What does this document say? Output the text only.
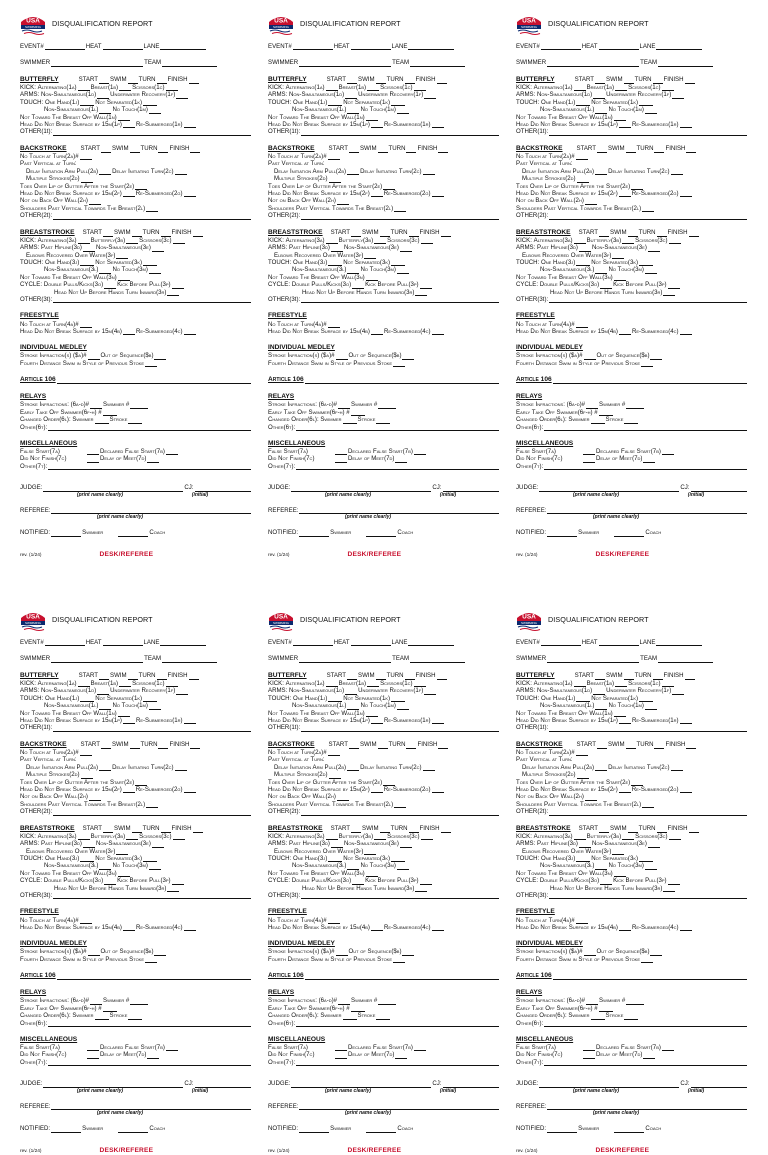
USA
SWIMMING DISQUALIFICATION REPORT
EVENT#	HEAT	LANE
SWIMMER	TEAM
BUTTERFLY	START SWIM TURN FINISH
KICK:
Alternating(1a) Breast(1b) Scissors(1c)
ARMS:
Non-Simultaneous(1d) Underwater Recovery(1f)
TOUCH:
One Hand(1j)	Not Separated(1k)
Non-Simultaneous(1l) No Touch(1m)
Not Toward The Breast Off Wall(1n)
Head Did Not Break Surface by 15m(1p) Re-Submerged(1r)
OTHER(1t):
BACKSTROKE START SWIM TURN FINISH
No Touch at Turn(2a)#
Past Vertical at Turn:
Delay Initiation Arm Pull(2b) Delay Initiating Turn(2c)
Multiple Strokes(2d)
Toes Over Lip of Gutter After the Start(2e)
Head Did Not Break Surface by 15m(2f) Re-Submerged(2g)
Not on Back Off Wall(2h)
Shoulders Past Vertical Towards The Breast(2l)
OTHER(2t):
BREASTSTROKE START SWIM TURN FINISH
KICK:
Alternating(3a) Butterfly(3b) Scissors(3c)
ARMS:
Past Hipline(3d) Non-Simultaneous(3e)
Elbows Recovered Over Water(3f)
TOUCH:
One Hand(3j)	Not Separated(3k)
Non-Simultaneous(3l) No Touch(3m)
Not Toward The Breast Off Wall(3n)
CYCLE:
Double Pulls/Kicks(3o) Kick Before Pull(3p)
Head Not Up Before Hands Turn Inward(3r)
OTHER(3t):
FREESTYLE
No Touch at Turn(4a)#
Head Did Not Break Surface by 15m(4b) Re-Submerged(4c)
INDIVIDUAL MEDLEY
Stroke Infraction(s) ($a)# Out of Sequence($b)
Fourth Distance Swim in Style of Previous Stoke
Article 106
RELAYS
Stroke Infractions: (6a-d)# Swimmer #
Early Take Off Swimmer(6f-h) #
Changed Order(6l): Swimmer	Stroke
Other(6t):
MISCELLANEOUS
False Start(7a)	Declared False Start(7b)
Did Not Finish(7c)	Delay of Meet(7d)
Other(7t):
JUDGE:	CJ:
(print name clearly)	(initial)
REFEREE:
(print name clearly)
NOTIFIED:	Swimmer	Coach
rev. (1/24)	DESK/REFEREE
USA
SWIMMING DISQUALIFICATION REPORT
EVENT#	HEAT	LANE
SWIMMER	TEAM
BUTTERFLY	START SWIM TURN FINISH
KICK:
Alternating(1a) Breast(1b) Scissors(1c)
ARMS:
Non-Simultaneous(1d) Underwater Recovery(1f)
TOUCH:
One Hand(1j)	Not Separated(1k)
Non-Simultaneous(1l) No Touch(1m)
Not Toward The Breast Off Wall(1n)
Head Did Not Break Surface by 15m(1p) Re-Submerged(1r)
OTHER(1t):
BACKSTROKE START SWIM TURN FINISH
No Touch at Turn(2a)#
Past Vertical at Turn:
Delay Initiation Arm Pull(2b) Delay Initiating Turn(2c)
Multiple Strokes(2d)
Toes Over Lip of Gutter After the Start(2e)
Head Did Not Break Surface by 15m(2f) Re-Submerged(2g)
Not on Back Off Wall(2h)
Shoulders Past Vertical Towards The Breast(2l)
OTHER(2t):
BREASTSTROKE START SWIM TURN FINISH
KICK:
Alternating(3a) Butterfly(3b) Scissors(3c)
ARMS:
Past Hipline(3d) Non-Simultaneous(3e)
Elbows Recovered Over Water(3f)
TOUCH:
One Hand(3j)	Not Separated(3k)
Non-Simultaneous(3l) No Touch(3m)
Not Toward The Breast Off Wall(3n)
CYCLE:
Double Pulls/Kicks(3o) Kick Before Pull(3p)
Head Not Up Before Hands Turn Inward(3r)
OTHER(3t):
FREESTYLE
No Touch at Turn(4a)#
Head Did Not Break Surface by 15m(4b) Re-Submerged(4c)
INDIVIDUAL MEDLEY
Stroke Infraction(s) ($a)# Out of Sequence($b)
Fourth Distance Swim in Style of Previous Stoke
Article 106
RELAYS
Stroke Infractions: (6a-d)# Swimmer #
Early Take Off Swimmer(6f-h) #
Changed Order(6l): Swimmer	Stroke
Other(6t):
MISCELLANEOUS
False Start(7a)	Declared False Start(7b)
Did Not Finish(7c)	Delay of Meet(7d)
Other(7t):
JUDGE:	CJ:
(print name clearly)	(initial)
REFEREE:
(print name clearly)
NOTIFIED:	Swimmer	Coach
rev. (1/24)	DESK/REFEREE
USA
SWIMMING DISQUALIFICATION REPORT
EVENT#	HEAT	LANE
SWIMMER	TEAM
BUTTERFLY	START SWIM TURN FINISH
KICK:
Alternating(1a) Breast(1b) Scissors(1c)
ARMS:
Non-Simultaneous(1d) Underwater Recovery(1f)
TOUCH:
One Hand(1j)	Not Separated(1k)
Non-Simultaneous(1l) No Touch(1m)
Not Toward The Breast Off Wall(1n)
Head Did Not Break Surface by 15m(1p) Re-Submerged(1r)
OTHER(1t):
BACKSTROKE START SWIM TURN FINISH
No Touch at Turn(2a)#
Past Vertical at Turn:
Delay Initiation Arm Pull(2b) Delay Initiating Turn(2c)
Multiple Strokes(2d)
Toes Over Lip of Gutter After the Start(2e)
Head Did Not Break Surface by 15m(2f) Re-Submerged(2g)
Not on Back Off Wall(2h)
Shoulders Past Vertical Towards The Breast(2l)
OTHER(2t):
BREASTSTROKE START SWIM TURN FINISH
KICK:
Alternating(3a) Butterfly(3b) Scissors(3c)
ARMS:
Past Hipline(3d) Non-Simultaneous(3e)
Elbows Recovered Over Water(3f)
TOUCH:
One Hand(3j)	Not Separated(3k)
Non-Simultaneous(3l) No Touch(3m)
Not Toward The Breast Off Wall(3n)
CYCLE:
Double Pulls/Kicks(3o) Kick Before Pull(3p)
Head Not Up Before Hands Turn Inward(3r)
OTHER(3t):
FREESTYLE
No Touch at Turn(4a)#
Head Did Not Break Surface by 15m(4b) Re-Submerged(4c)
INDIVIDUAL MEDLEY
Stroke Infraction(s) ($a)# Out of Sequence($b)
Fourth Distance Swim in Style of Previous Stoke
Article 106
RELAYS
Stroke Infractions: (6a-d)# Swimmer #
Early Take Off Swimmer(6f-h) #
Changed Order(6l): Swimmer	Stroke
Other(6t):
MISCELLANEOUS
False Start(7a)	Declared False Start(7b)
Did Not Finish(7c)	Delay of Meet(7d)
Other(7t):
JUDGE:	CJ:
(print name clearly)	(initial)
REFEREE:
(print name clearly)
NOTIFIED:	Swimmer	Coach
rev. (1/24)	DESK/REFEREE
USA
SWIMMING DISQUALIFICATION REPORT
EVENT#	HEAT	LANE
SWIMMER	TEAM
BUTTERFLY	START SWIM TURN FINISH
KICK:
Alternating(1a) Breast(1b) Scissors(1c)
ARMS:
Non-Simultaneous(1d) Underwater Recovery(1f)
TOUCH:
One Hand(1j)	Not Separated(1k)
Non-Simultaneous(1l) No Touch(1m)
Not Toward The Breast Off Wall(1n)
Head Did Not Break Surface by 15m(1p) Re-Submerged(1r)
OTHER(1t):
BACKSTROKE START SWIM TURN FINISH
No Touch at Turn(2a)#
Past Vertical at Turn:
Delay Initiation Arm Pull(2b) Delay Initiating Turn(2c)
Multiple Strokes(2d)
Toes Over Lip of Gutter After the Start(2e)
Head Did Not Break Surface by 15m(2f) Re-Submerged(2g)
Not on Back Off Wall(2h)
Shoulders Past Vertical Towards The Breast(2l)
OTHER(2t):
BREASTSTROKE START SWIM TURN FINISH
KICK:
Alternating(3a) Butterfly(3b) Scissors(3c)
ARMS:
Past Hipline(3d) Non-Simultaneous(3e)
Elbows Recovered Over Water(3f)
TOUCH:
One Hand(3j)	Not Separated(3k)
Non-Simultaneous(3l) No Touch(3m)
Not Toward The Breast Off Wall(3n)
CYCLE:
Double Pulls/Kicks(3o) Kick Before Pull(3p)
Head Not Up Before Hands Turn Inward(3r)
OTHER(3t):
FREESTYLE
No Touch at Turn(4a)#
Head Did Not Break Surface by 15m(4b) Re-Submerged(4c)
INDIVIDUAL MEDLEY
Stroke Infraction(s) ($a)# Out of Sequence($b)
Fourth Distance Swim in Style of Previous Stoke
Article 106
RELAYS
Stroke Infractions: (6a-d)# Swimmer #
Early Take Off Swimmer(6f-h) #
Changed Order(6l): Swimmer	Stroke
Other(6t):
MISCELLANEOUS
False Start(7a)	Declared False Start(7b)
Did Not Finish(7c)	Delay of Meet(7d)
Other(7t):
JUDGE:	CJ:
(print name clearly)	(initial)
REFEREE:
(print name clearly)
NOTIFIED:	Swimmer	Coach
rev. (1/24)	DESK/REFEREE
USA
SWIMMING DISQUALIFICATION REPORT
EVENT#	HEAT	LANE
SWIMMER	TEAM
BUTTERFLY	START SWIM TURN FINISH
KICK:
Alternating(1a) Breast(1b) Scissors(1c)
ARMS:
Non-Simultaneous(1d) Underwater Recovery(1f)
TOUCH:
One Hand(1j)	Not Separated(1k)
Non-Simultaneous(1l) No Touch(1m)
Not Toward The Breast Off Wall(1n)
Head Did Not Break Surface by 15m(1p) Re-Submerged(1r)
OTHER(1t):
BACKSTROKE START SWIM TURN FINISH
No Touch at Turn(2a)#
Past Vertical at Turn:
Delay Initiation Arm Pull(2b) Delay Initiating Turn(2c)
Multiple Strokes(2d)
Toes Over Lip of Gutter After the Start(2e)
Head Did Not Break Surface by 15m(2f) Re-Submerged(2g)
Not on Back Off Wall(2h)
Shoulders Past Vertical Towards The Breast(2l)
OTHER(2t):
BREASTSTROKE START SWIM TURN FINISH
KICK:
Alternating(3a) Butterfly(3b) Scissors(3c)
ARMS:
Past Hipline(3d) Non-Simultaneous(3e)
Elbows Recovered Over Water(3f)
TOUCH:
One Hand(3j)	Not Separated(3k)
Non-Simultaneous(3l) No Touch(3m)
Not Toward The Breast Off Wall(3n)
CYCLE:
Double Pulls/Kicks(3o) Kick Before Pull(3p)
Head Not Up Before Hands Turn Inward(3r)
OTHER(3t):
FREESTYLE
No Touch at Turn(4a)#
Head Did Not Break Surface by 15m(4b) Re-Submerged(4c)
INDIVIDUAL MEDLEY
Stroke Infraction(s) ($a)# Out of Sequence($b)
Fourth Distance Swim in Style of Previous Stoke
Article 106
RELAYS
Stroke Infractions: (6a-d)# Swimmer #
Early Take Off Swimmer(6f-h) #
Changed Order(6l): Swimmer	Stroke
Other(6t):
MISCELLANEOUS
False Start(7a)	Declared False Start(7b)
Did Not Finish(7c)	Delay of Meet(7d)
Other(7t):
JUDGE:	CJ:
(print name clearly)	(initial)
REFEREE:
(print name clearly)
NOTIFIED:	Swimmer	Coach
rev. (1/24)	DESK/REFEREE
USA
SWIMMING DISQUALIFICATION REPORT
EVENT#	HEAT	LANE
SWIMMER	TEAM
BUTTERFLY	START SWIM TURN FINISH
KICK:
Alternating(1a) Breast(1b) Scissors(1c)
ARMS:
Non-Simultaneous(1d) Underwater Recovery(1f)
TOUCH:
One Hand(1j)	Not Separated(1k)
Non-Simultaneous(1l) No Touch(1m)
Not Toward The Breast Off Wall(1n)
Head Did Not Break Surface by 15m(1p) Re-Submerged(1r)
OTHER(1t):
BACKSTROKE START SWIM TURN FINISH
No Touch at Turn(2a)#
Past Vertical at Turn:
Delay Initiation Arm Pull(2b) Delay Initiating Turn(2c)
Multiple Strokes(2d)
Toes Over Lip of Gutter After the Start(2e)
Head Did Not Break Surface by 15m(2f) Re-Submerged(2g)
Not on Back Off Wall(2h)
Shoulders Past Vertical Towards The Breast(2l)
OTHER(2t):
BREASTSTROKE START SWIM TURN FINISH
KICK:
Alternating(3a) Butterfly(3b) Scissors(3c)
ARMS:
Past Hipline(3d) Non-Simultaneous(3e)
Elbows Recovered Over Water(3f)
TOUCH:
One Hand(3j)	Not Separated(3k)
Non-Simultaneous(3l) No Touch(3m)
Not Toward The Breast Off Wall(3n)
CYCLE:
Double Pulls/Kicks(3o) Kick Before Pull(3p)
Head Not Up Before Hands Turn Inward(3r)
OTHER(3t):
FREESTYLE
No Touch at Turn(4a)#
Head Did Not Break Surface by 15m(4b) Re-Submerged(4c)
INDIVIDUAL MEDLEY
Stroke Infraction(s) ($a)# Out of Sequence($b)
Fourth Distance Swim in Style of Previous Stoke
Article 106
RELAYS
Stroke Infractions: (6a-d)# Swimmer #
Early Take Off Swimmer(6f-h) #
Changed Order(6l): Swimmer	Stroke
Other(6t):
MISCELLANEOUS
False Start(7a)	Declared False Start(7b)
Did Not Finish(7c)	Delay of Meet(7d)
Other(7t):
JUDGE:	CJ:
(print name clearly)	(initial)
REFEREE:
(print name clearly)
NOTIFIED:	Swimmer	Coach
rev. (1/24)	DESK/REFEREE
